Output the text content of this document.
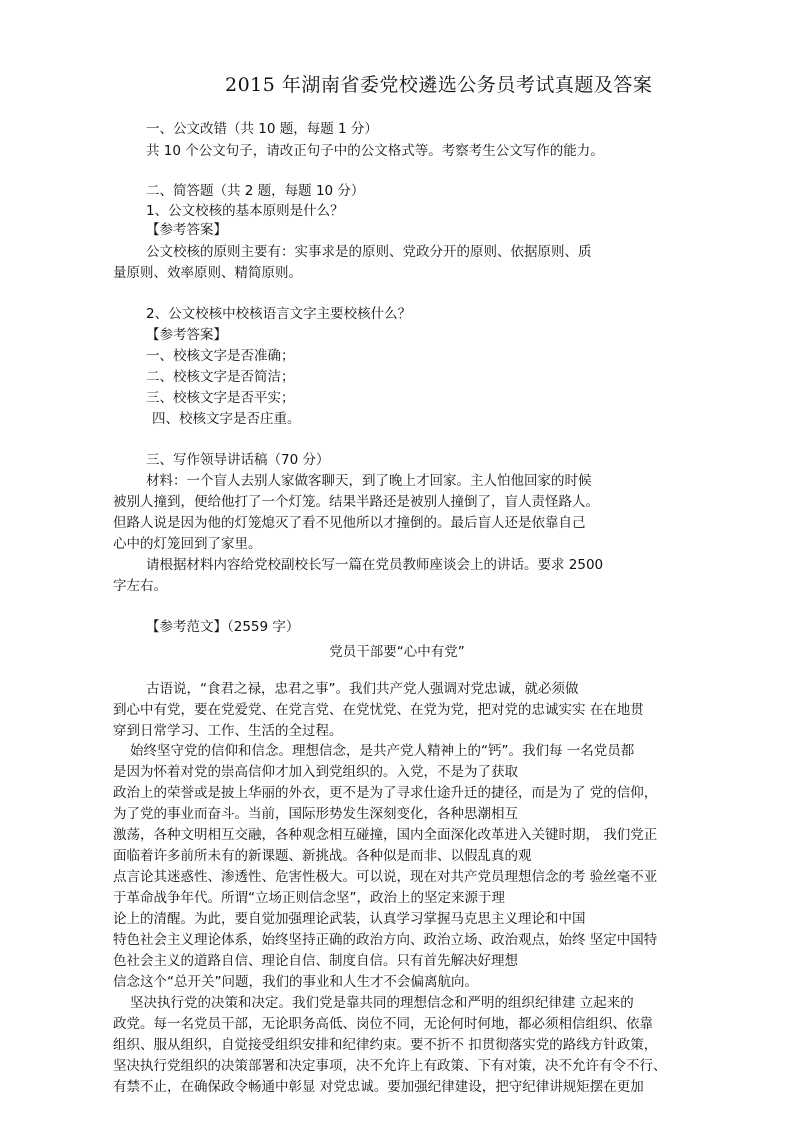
2015 年湖南省委党校遴选公务员考试真题及答案
一、公文改错（共 10 题，每题 1 分）
共 10 个公文句子，请改正句子中的公文格式等。考察考生公文写作的能力。
二、简答题（共 2 题，每题 10 分）
1、公文校核的基本原则是什么？
【参考答案】
公文校核的原则主要有：实事求是的原则、党政分开的原则、依据原则、质
量原则、效率原则、精简原则。
2、公文校核中校核语言文字主要校核什么？
【参考答案】
一、校核文字是否准确；
二、校核文字是否简洁；
三、校核文字是否平实；
四、校核文字是否庄重。
三、写作领导讲话稿（70 分）
材料：一个盲人去别人家做客聊天，到了晚上才回家。主人怕他回家的时候
被别人撞到，便给他打了一个灯笼。结果半路还是被别人撞倒了，盲人责怪路人。
但路人说是因为他的灯笼熄灭了看不见他所以才撞倒的。最后盲人还是依靠自己
心中的灯笼回到了家里。
请根据材料内容给党校副校长写一篇在党员教师座谈会上的讲话。要求 2500
字左右。
【参考范文】（2559 字）
党员干部要“心中有党”
古语说，“食君之禄，忠君之事”。我们共产党人强调对党忠诚，就必须做
到心中有党，要在党爱党、在党言党、在党忧党、在党为党，把对党的忠诚实实 在在地贯
穿到日常学习、工作、生活的全过程。
始终坚守党的信仰和信念。理想信念，是共产党人精神上的“钙”。我们每 一名党员都
是因为怀着对党的崇高信仰才加入到党组织的。入党，不是为了获取
政治上的荣誉或是披上华丽的外衣，更不是为了寻求仕途升迁的捷径，而是为了 党的信仰，
为了党的事业而奋斗。当前，国际形势发生深刻变化，各种思潮相互
激荡，各种文明相互交融，各种观念相互碰撞，国内全面深化改革进入关键时期， 我们党正
面临着许多前所未有的新课题、新挑战。各种似是而非、以假乱真的观
点言论其迷惑性、渗透性、危害性极大。可以说，现在对共产党员理想信念的考 验丝毫不亚
于革命战争年代。所谓“立场正则信念坚”，政治上的坚定来源于理
论上的清醒。为此，要自觉加强理论武装，认真学习掌握马克思主义理论和中国
特色社会主义理论体系，始终坚持正确的政治方向、政治立场、政治观点，始终 坚定中国特
色社会主义的道路自信、理论自信、制度自信。只有首先解决好理想
信念这个“总开关”问题，我们的事业和人生才不会偏离航向。
坚决执行党的决策和决定。我们党是靠共同的理想信念和严明的组织纪律建 立起来的
政党。每一名党员干部，无论职务高低、岗位不同，无论何时何地，都必须相信组织、依靠
组织、服从组织，自觉接受组织安排和纪律约束。要不折不 扣贯彻落实党的路线方针政策，
坚决执行党组织的决策部署和决定事项，决不允许上有政策、下有对策，决不允许有令不行、
有禁不止，在确保政令畅通中彰显 对党忠诚。要加强纪律建设，把守纪律讲规矩摆在更加
